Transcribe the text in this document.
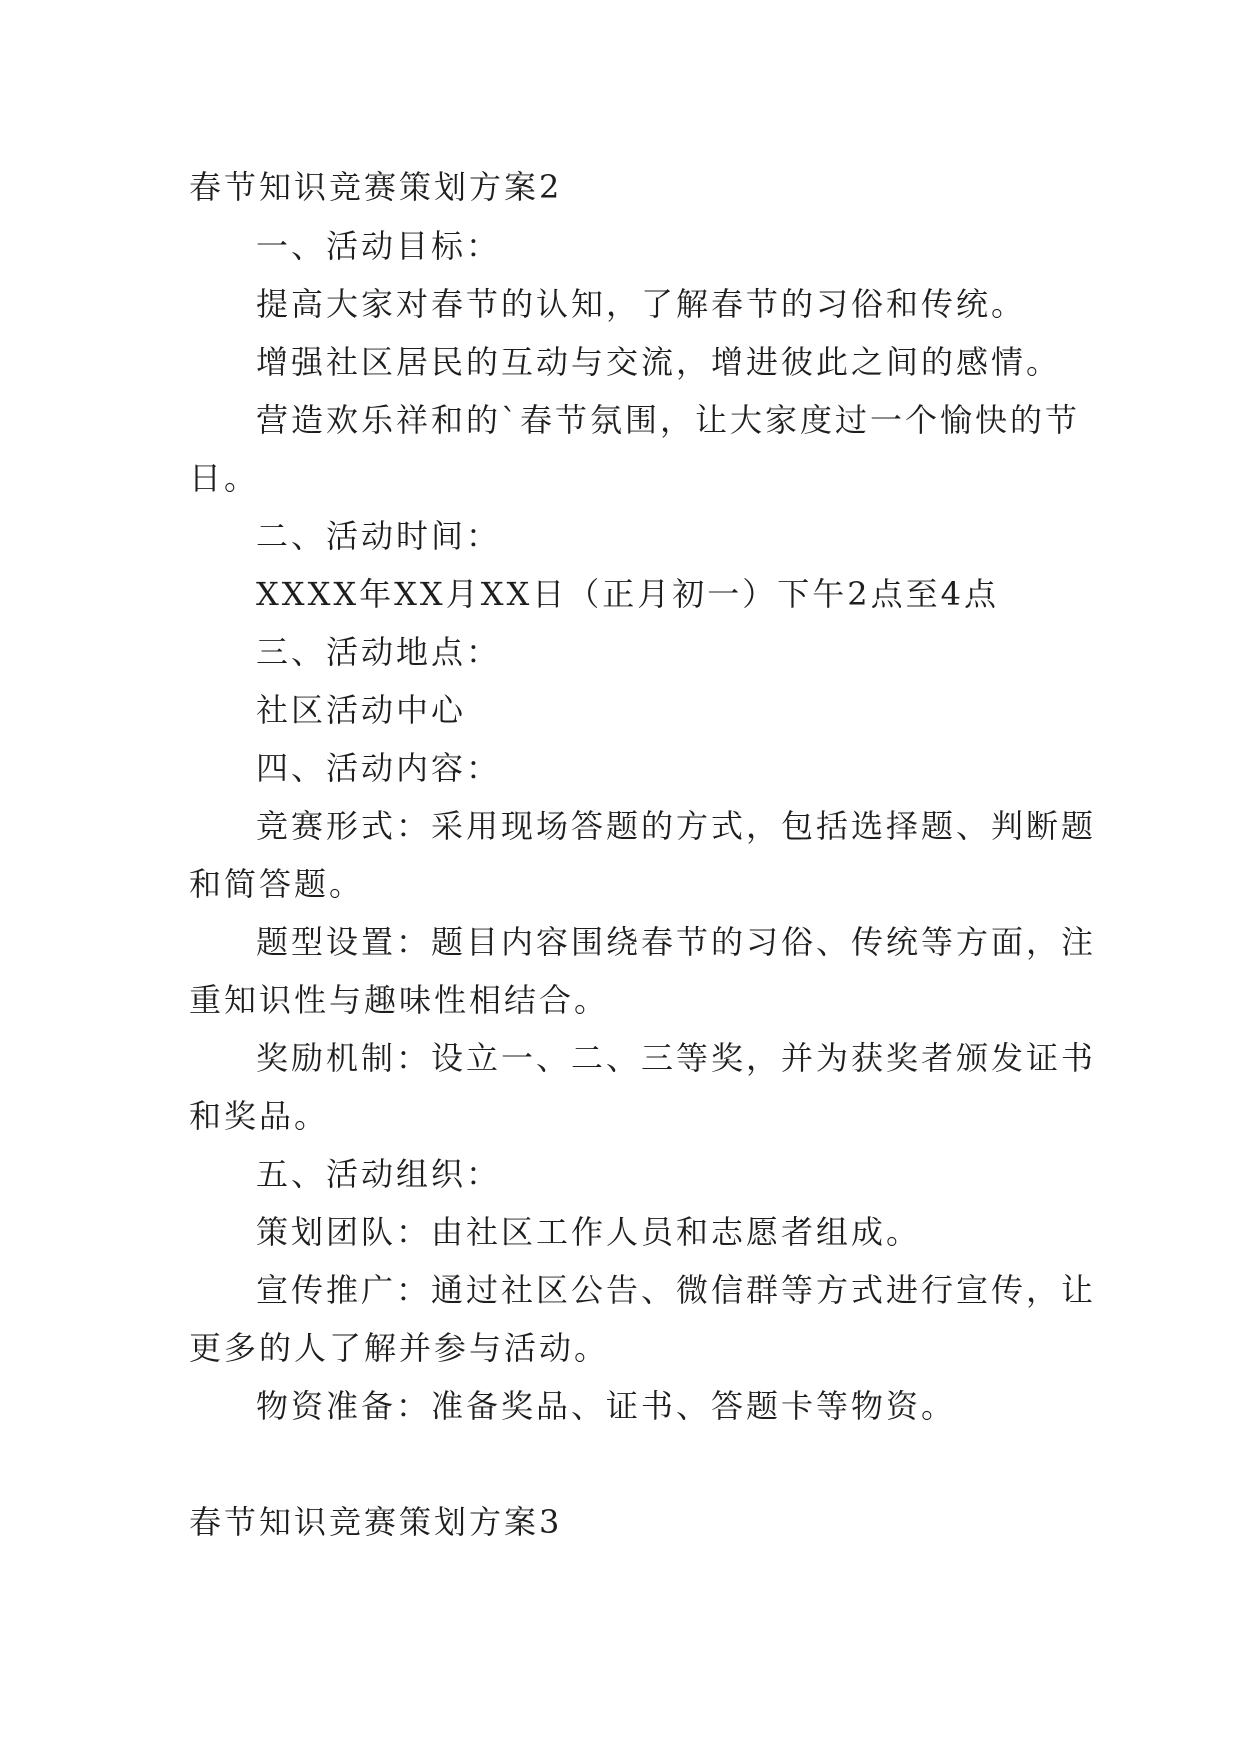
春节知识竞赛策划方案2
一、活动目标：
提高大家对春节的认知，了解春节的习俗和传统。
增强社区居民的互动与交流，增进彼此之间的感情。
营造欢乐祥和的`春节氛围，让大家度过一个愉快的节
日。
二、活动时间：
XXXX年XX月XX日（正月初一）下午2点至4点
三、活动地点：
社区活动中心
四、活动内容：
竞赛形式：采用现场答题的方式，包括选择题、判断题
和简答题。
题型设置：题目内容围绕春节的习俗、传统等方面，注
重知识性与趣味性相结合。
奖励机制：设立一、二、三等奖，并为获奖者颁发证书
和奖品。
五、活动组织：
策划团队：由社区工作人员和志愿者组成。
宣传推广：通过社区公告、微信群等方式进行宣传，让
更多的人了解并参与活动。
物资准备：准备奖品、证书、答题卡等物资。
春节知识竞赛策划方案3
